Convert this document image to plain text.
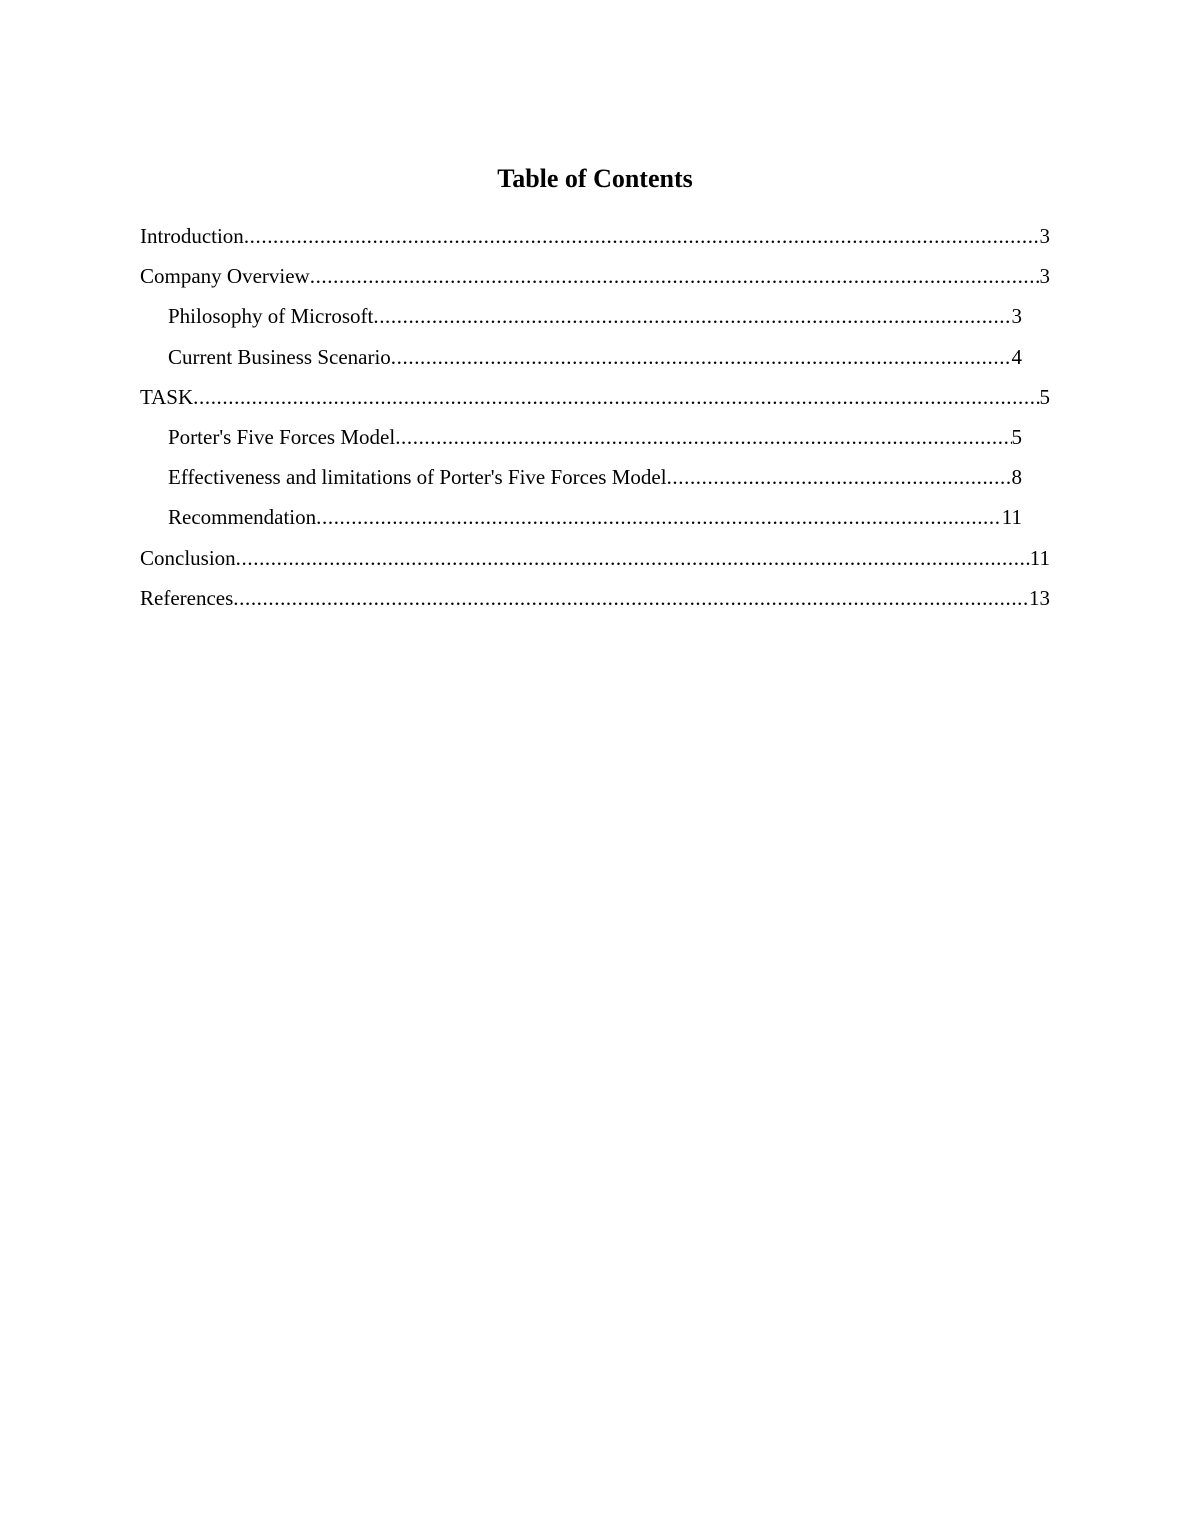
Table of Contents
Introduction .....	3
Company Overview .....	3
Philosophy of Microsoft .....	3
Current Business Scenario .....	4
TASK .....	5
Porter's Five Forces Model .....	5
Effectiveness and limitations of Porter's Five Forces Model .....	8
Recommendation .....	11
Conclusion .....	11
References .....	13
